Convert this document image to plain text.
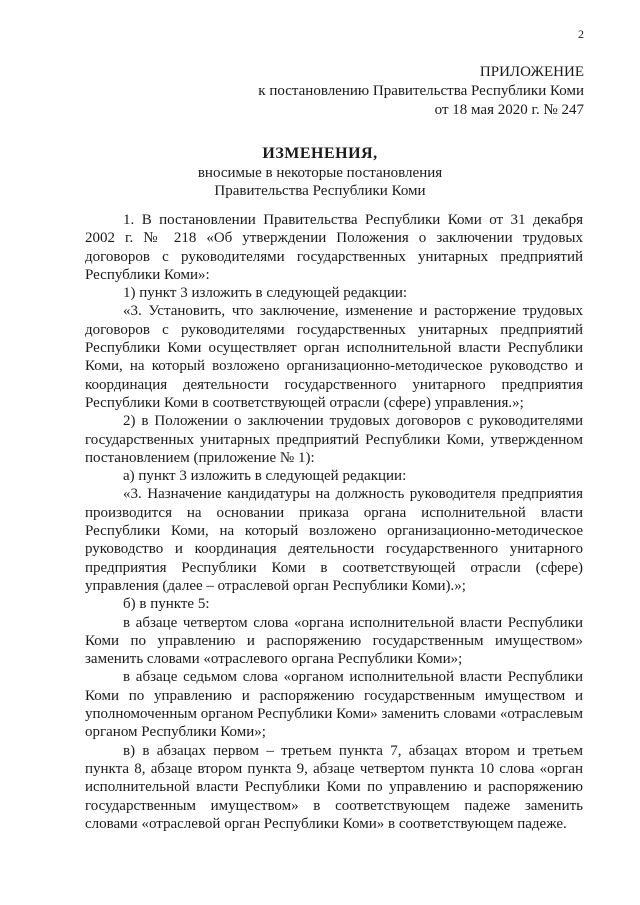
2
ПРИЛОЖЕНИЕ
к постановлению Правительства Республики Коми
от 18 мая 2020 г. № 247
ИЗМЕНЕНИЯ,
вносимые в некоторые постановления
Правительства Республики Коми

1. В постановлении Правительства Республики Коми от 31 декабря 2002 г. № 218 «Об утверждении Положения о заключении трудовых договоров с руководителями государственных унитарных предприятий Республики Коми»:

1) пункт 3 изложить в следующей редакции:

«3. Установить, что заключение, изменение и расторжение трудовых договоров с руководителями государственных унитарных предприятий Республики Коми осуществляет орган исполнительной власти Республики Коми, на который возложено организационно-методическое руководство и координация деятельности государственного унитарного предприятия Республики Коми в соответствующей отрасли (сфере) управления.»;

2) в Положении о заключении трудовых договоров с руководителями государственных унитарных предприятий Республики Коми, утвержденном постановлением (приложение № 1):

а) пункт 3 изложить в следующей редакции:

«3. Назначение кандидатуры на должность руководителя предприятия производится на основании приказа органа исполнительной власти Республики Коми, на который возложено организационно-методическое руководство и координация деятельности государственного унитарного предприятия Республики Коми в соответствующей отрасли (сфере) управления (далее – отраслевой орган Республики Коми).»;

б) в пункте 5:

в абзаце четвертом слова «органа исполнительной власти Республики Коми по управлению и распоряжению государственным имуществом» заменить словами «отраслевого органа Республики Коми»;

в абзаце седьмом слова «органом исполнительной власти Республики Коми по управлению и распоряжению государственным имуществом и уполномоченным органом Республики Коми» заменить словами «отраслевым органом Республики Коми»;

в) в абзацах первом – третьем пункта 7, абзацах втором и третьем пункта 8, абзаце втором пункта 9, абзаце четвертом пункта 10 слова «орган исполнительной власти Республики Коми по управлению и распоряжению государственным имуществом» в соответствующем падеже заменить словами «отраслевой орган Республики Коми» в соответствующем падеже.
